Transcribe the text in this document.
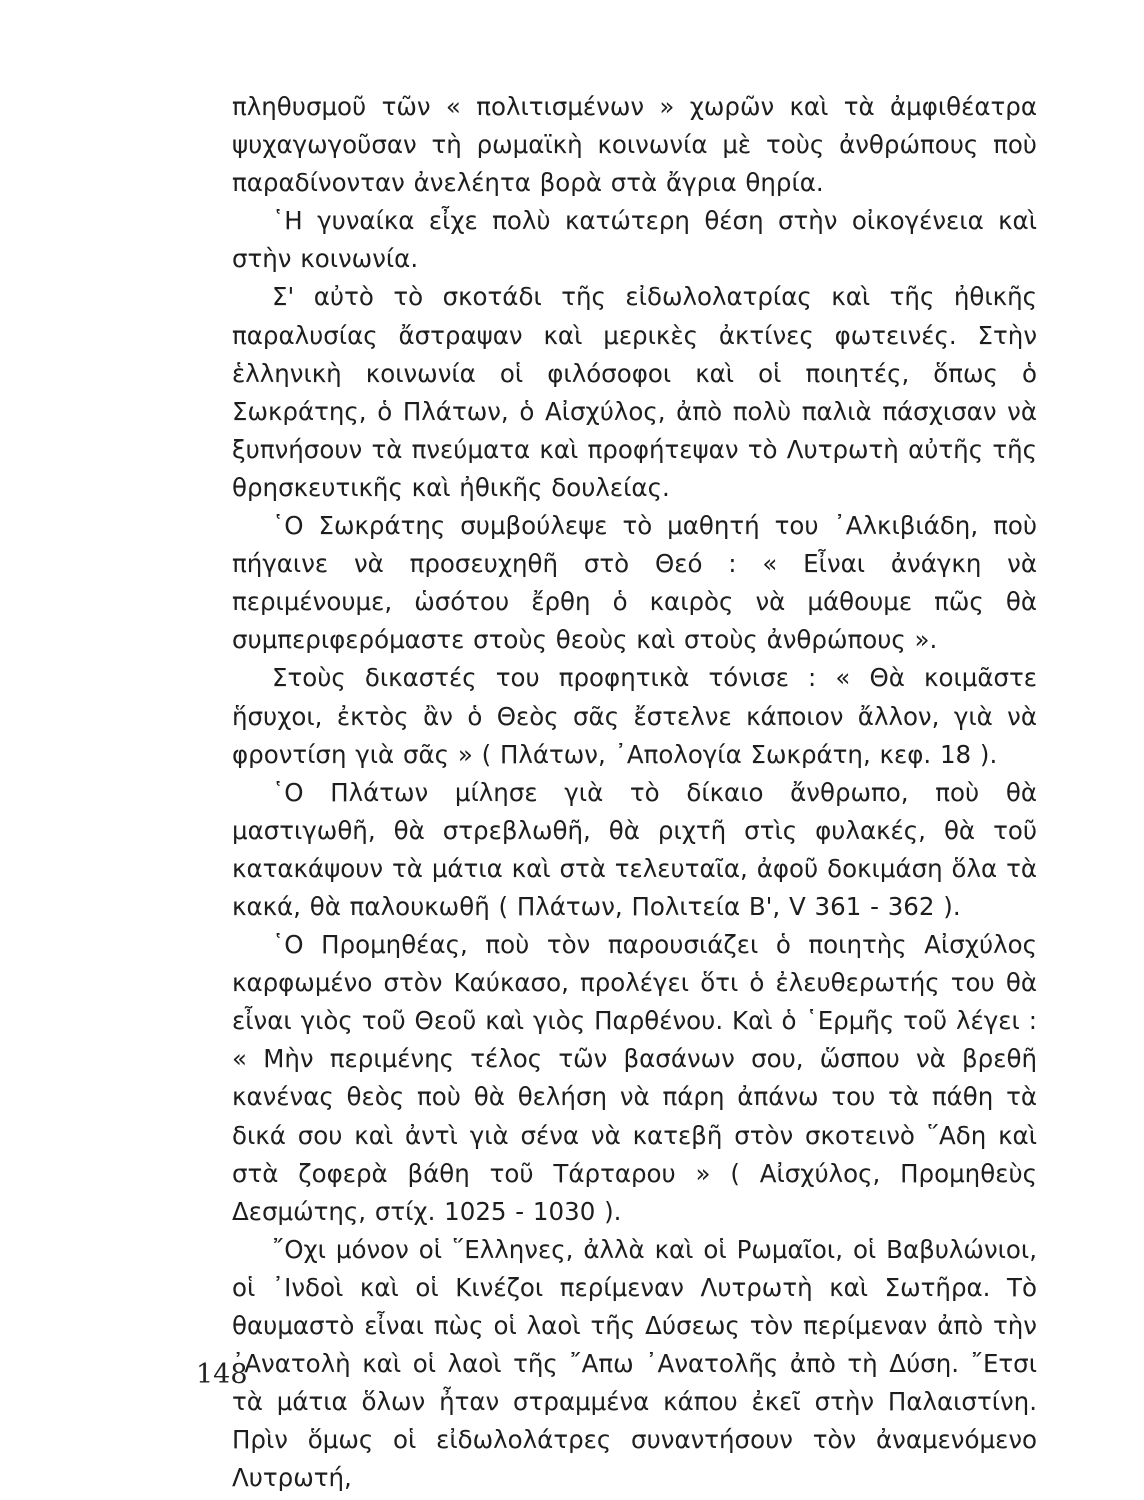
πληθυσμοῦ τῶν « πολιτισμένων » χωρῶν καὶ τὰ ἀμφιθέατρα ψυχαγωγοῦσαν τὴ ρωμαϊκὴ κοινωνία μὲ τοὺς ἀνθρώπους ποὺ παραδίνονταν ἀνελέητα βορὰ στὰ ἄγρια θηρία.

῾Η γυναίκα εἶχε πολὺ κατώτερη θέση στὴν οἰκογένεια καὶ στὴν κοινωνία.

Σ' αὐτὸ τὸ σκοτάδι τῆς εἰδωλολατρίας καὶ τῆς ἠθικῆς παραλυσίας ἄστραψαν καὶ μερικὲς ἀκτίνες φωτεινές. Στὴν ἑλληνικὴ κοινωνία οἱ φιλόσοφοι καὶ οἱ ποιητές, ὅπως ὁ Σωκράτης, ὁ Πλάτων, ὁ Αἰσχύλος, ἀπὸ πολὺ παλιὰ πάσχισαν νὰ ξυπνήσουν τὰ πνεύματα καὶ προφήτεψαν τὸ Λυτρωτὴ αὐτῆς τῆς θρησκευτικῆς καὶ ἠθικῆς δουλείας.

῾Ο Σωκράτης συμβούλεψε τὸ μαθητή του ᾿Αλκιβιάδη, ποὺ πήγαινε νὰ προσευχηθῆ στὸ Θεό : « Εἶναι ἀνάγκη νὰ περιμένουμε, ὡσότου ἔρθη ὁ καιρὸς νὰ μάθουμε πῶς θὰ συμπεριφερόμαστε στοὺς θεοὺς καὶ στοὺς ἀνθρώπους ».

Στοὺς δικαστές του προφητικὰ τόνισε : « Θὰ κοιμᾶστε ἥσυχοι, ἐκτὸς ἂν ὁ Θεὸς σᾶς ἔστελνε κάποιον ἄλλον, γιὰ νὰ φροντίση γιὰ σᾶς » ( Πλάτων, ᾿Απολογία Σωκράτη, κεφ. 18 ).

῾Ο Πλάτων μίλησε γιὰ τὸ δίκαιο ἄνθρωπο, ποὺ θὰ μαστιγωθῆ, θὰ στρεβλωθῆ, θὰ ριχτῆ στὶς φυλακές, θὰ τοῦ κατακάψουν τὰ μάτια καὶ στὰ τελευταῖα, ἀφοῦ δοκιμάση ὅλα τὰ κακά, θὰ παλουκωθῆ ( Πλάτων, Πολιτεία Β', V 361 - 362 ).

῾Ο Προμηθέας, ποὺ τὸν παρουσιάζει ὁ ποιητὴς Αἰσχύλος καρφωμένο στὸν Καύκασο, προλέγει ὅτι ὁ ἐλευθερωτής του θὰ εἶναι γιὸς τοῦ Θεοῦ καὶ γιὸς Παρθένου. Καὶ ὁ ῾Ερμῆς τοῦ λέγει : « Μὴν περιμένης τέλος τῶν βασάνων σου, ὥσπου νὰ βρεθῆ κανένας θεὸς ποὺ θὰ θελήση νὰ πάρη ἀπάνω του τὰ πάθη τὰ δικά σου καὶ ἀντὶ γιὰ σένα νὰ κατεβῆ στὸν σκοτεινὸ ῞Αδη καὶ στὰ ζοφερὰ βάθη τοῦ Τάρταρου » ( Αἰσχύλος, Προμηθεὺς Δεσμώτης, στίχ. 1025 - 1030 ).

῎Οχι μόνον οἱ ῞Ελληνες, ἀλλὰ καὶ οἱ Ρωμαῖοι, οἱ Βαβυλώνιοι, οἱ ᾿Ινδοὶ καὶ οἱ Κινέζοι περίμεναν Λυτρωτὴ καὶ Σωτῆρα. Τὸ θαυμαστὸ εἶναι πὼς οἱ λαοὶ τῆς Δύσεως τὸν περίμεναν ἀπὸ τὴν ᾿Ανατολὴ καὶ οἱ λαοὶ τῆς ῎Απω ᾿Ανατολῆς ἀπὸ τὴ Δύση. ῎Ετσι τὰ μάτια ὅλων ἦταν στραμμένα κάπου ἐκεῖ στὴν Παλαιστίνη. Πρὶν ὅμως οἱ εἰδωλολάτρες συναντήσουν τὸν ἀναμενόμενο Λυτρωτή,

148
